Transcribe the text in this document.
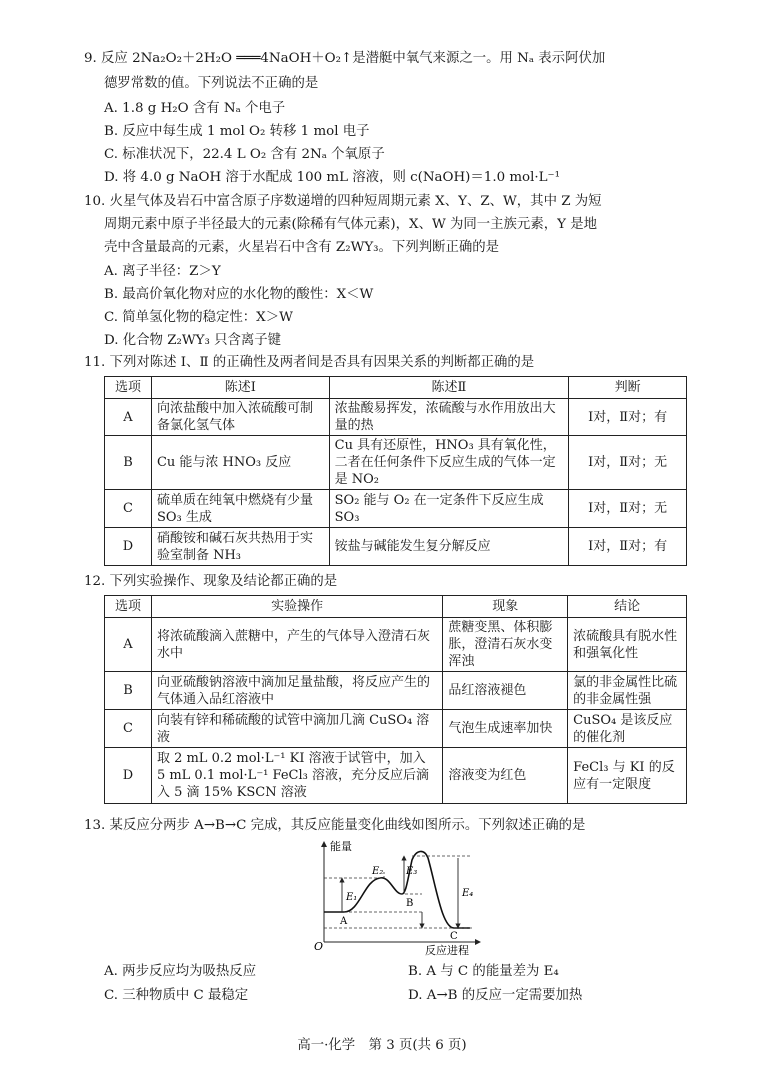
9. 反应 2Na₂O₂＋2H₂O ═══4NaOH＋O₂↑是潜艇中氧气来源之一。用 Nₐ 表示阿伏加
德罗常数的值。下列说法不正确的是
A. 1.8 g H₂O 含有 Nₐ 个电子
B. 反应中每生成 1 mol O₂ 转移 1 mol 电子
C. 标准状况下，22.4 L O₂ 含有 2Nₐ 个氧原子
D. 将 4.0 g NaOH 溶于水配成 100 mL 溶液，则 c(NaOH)＝1.0 mol·L⁻¹
10. 火星气体及岩石中富含原子序数递增的四种短周期元素 X、Y、Z、W，其中 Z 为短
周期元素中原子半径最大的元素(除稀有气体元素)，X、W 为同一主族元素，Y 是地
壳中含量最高的元素，火星岩石中含有 Z₂WY₃。下列判断正确的是
A. 离子半径：Z＞Y
B. 最高价氧化物对应的水化物的酸性：X＜W
C. 简单氢化物的稳定性：X＞W
D. 化合物 Z₂WY₃ 只含离子键
11. 下列对陈述 Ⅰ、Ⅱ 的正确性及两者间是否具有因果关系的判断都正确的是
选项	陈述Ⅰ	陈述Ⅱ	判断
A	向浓盐酸中加入浓硫酸可制备氯化氢气体	浓盐酸易挥发，浓硫酸与水作用放出大量的热	Ⅰ对，Ⅱ对；有
B	Cu 能与浓 HNO₃ 反应	Cu 具有还原性，HNO₃ 具有氧化性，二者在任何条件下反应生成的气体一定是 NO₂	Ⅰ对，Ⅱ对；无
C	硫单质在纯氧中燃烧有少量 SO₃ 生成	SO₂ 能与 O₂ 在一定条件下反应生成 SO₃	Ⅰ对，Ⅱ对；无
D	硝酸铵和碱石灰共热用于实验室制备 NH₃	铵盐与碱能发生复分解反应	Ⅰ对，Ⅱ对；有
12. 下列实验操作、现象及结论都正确的是
选项	实验操作	现象	结论
A	将浓硫酸滴入蔗糖中，产生的气体导入澄清石灰水中	蔗糖变黑、体积膨胀，澄清石灰水变浑浊	浓硫酸具有脱水性和强氧化性
B	向亚硫酸钠溶液中滴加足量盐酸，将反应产生的气体通入品红溶液中	品红溶液褪色	氯的非金属性比硫的非金属性强
C	向装有锌和稀硫酸的试管中滴加几滴 CuSO₄ 溶液	气泡生成速率加快	CuSO₄ 是该反应的催化剂
D	取 2 mL 0.2 mol·L⁻¹ KI 溶液于试管中，加入 5 mL 0.1 mol·L⁻¹ FeCl₃ 溶液，充分反应后滴入 5 滴 15% KSCN 溶液	溶液变为红色	FeCl₃ 与 KI 的反应有一定限度
13. 某反应分两步 A→B→C 完成，其反应能量变化曲线如图所示。下列叙述正确的是
能量
反应进程
O
E₁
E₂ E₃
E₄
A
B
C
A. 两步反应均为吸热反应	B. A 与 C 的能量差为 E₄
C. 三种物质中 C 最稳定	D. A→B 的反应一定需要加热
高一·化学　第 3 页(共 6 页)
